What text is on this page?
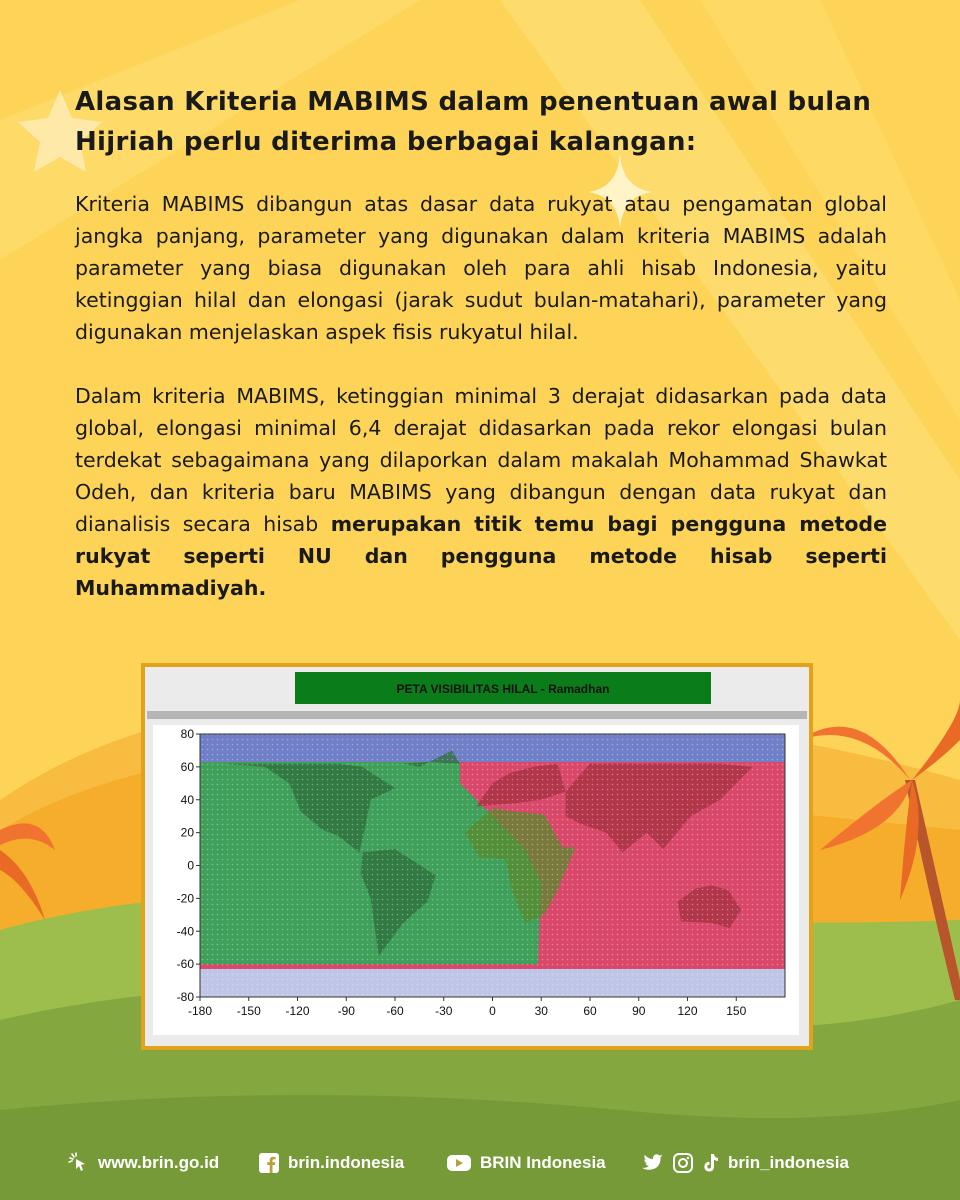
Alasan Kriteria MABIMS dalam penentuan awal bulan Hijriah perlu diterima berbagai kalangan:

Kriteria MABIMS dibangun atas dasar data rukyat atau pengamatan global jangka panjang, parameter yang digunakan dalam kriteria MABIMS adalah parameter yang biasa digunakan oleh para ahli hisab Indonesia, yaitu ketinggian hilal dan elongasi (jarak sudut bulan-matahari), parameter yang digunakan menjelaskan aspek fisis rukyatul hilal.

Dalam kriteria MABIMS, ketinggian minimal 3 derajat didasarkan pada data global, elongasi minimal 6,4 derajat didasarkan pada rekor elongasi bulan terdekat sebagaimana yang dilaporkan dalam makalah Mohammad Shawkat Odeh, dan kriteria baru MABIMS yang dibangun dengan data rukyat dan dianalisis secara hisab merupakan titik temu bagi pengguna metode rukyat seperti NU dan pengguna metode hisab seperti Muhammadiyah.

PETA VISIBILITAS HILAL - Ramadhan
80
60
40
20
0
-20
-40
-60
-80
-180 -150 -120 -90	-60	-30	0	30	60	90	120 150
www.brin.go.id	brin.indonesia	BRIN Indonesia	brin_indonesia
